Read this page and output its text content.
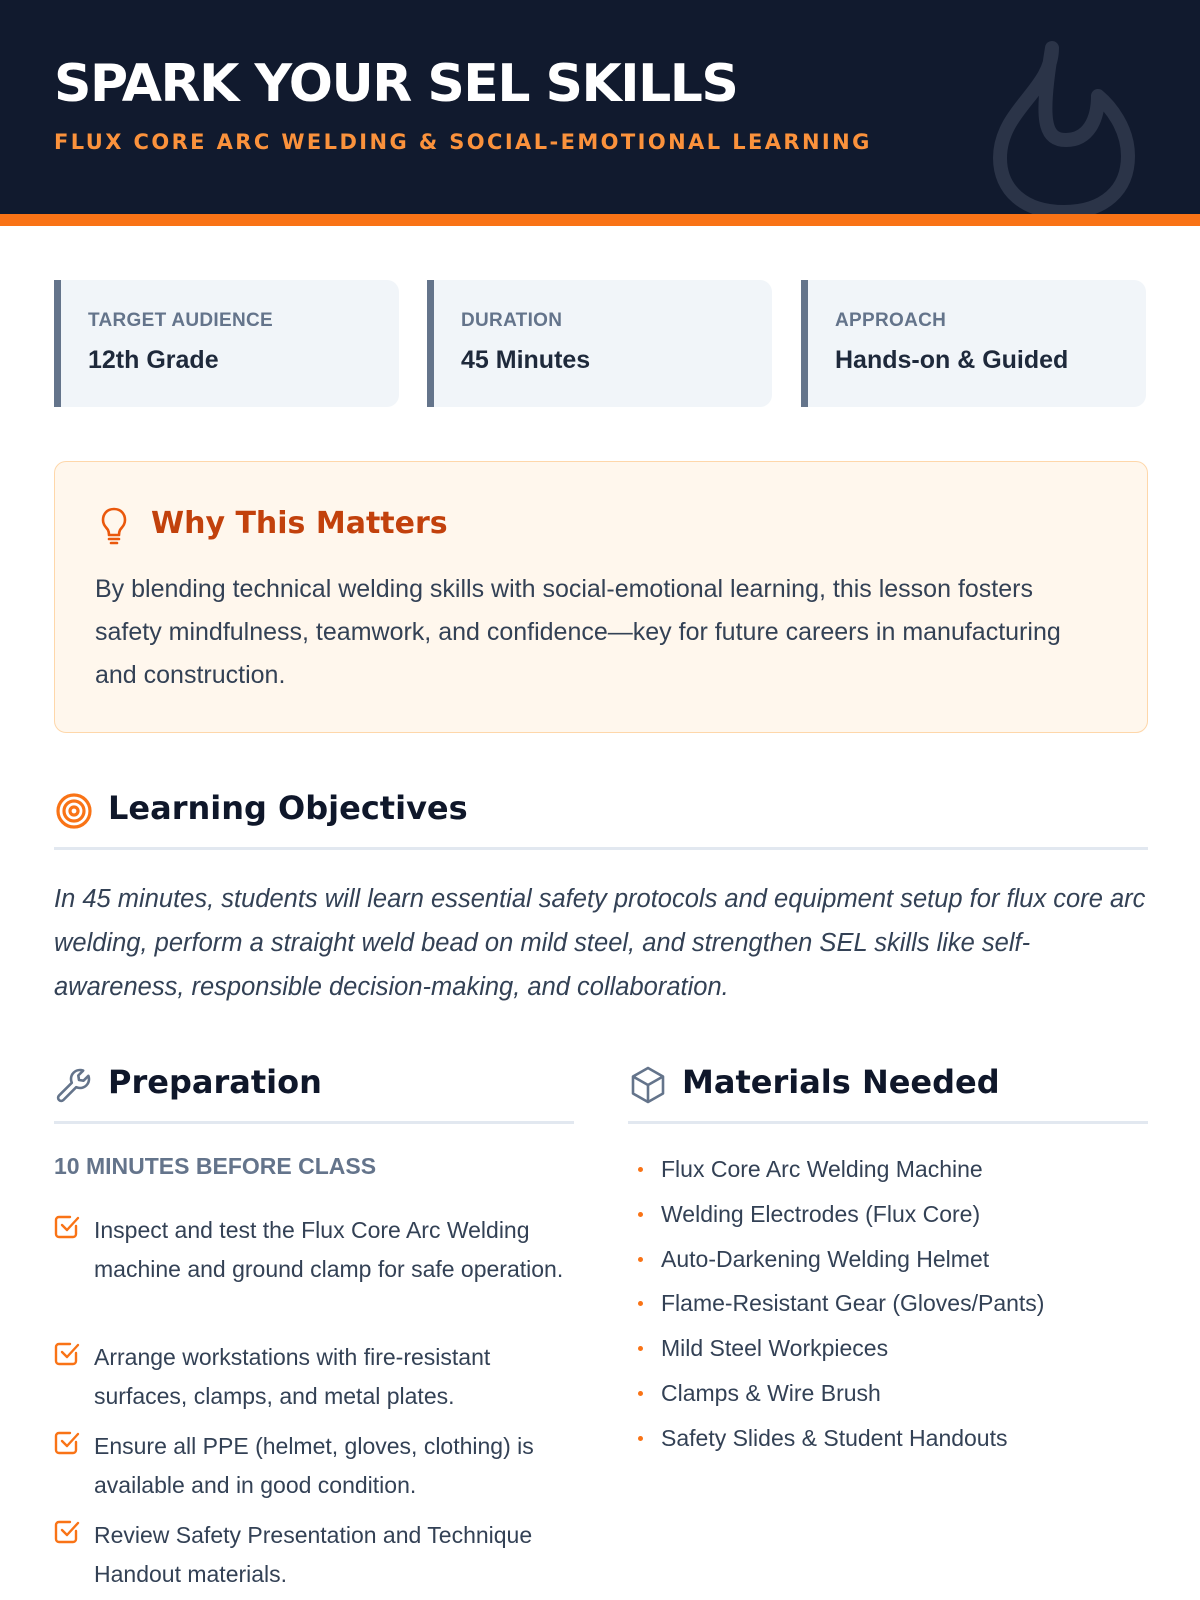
SPARK YOUR SEL SKILLS
FLUX CORE ARC WELDING & SOCIAL-EMOTIONAL LEARNING
TARGET AUDIENCE
12th Grade
DURATION
45 Minutes
APPROACH
Hands-on & Guided
Why This Matters
By blending technical welding skills with social-emotional learning, this lesson fosters safety mindfulness, teamwork, and confidence—key for future careers in manufacturing and construction.
Learning Objectives
In 45 minutes, students will learn essential safety protocols and equipment setup for flux core arc welding, perform a straight weld bead on mild steel, and strengthen SEL skills like self-awareness, responsible decision-making, and collaboration.
Preparation
10 MINUTES BEFORE CLASS
Inspect and test the Flux Core Arc Welding machine and ground clamp for safe operation.
Arrange workstations with fire-resistant surfaces, clamps, and metal plates.
Ensure all PPE (helmet, gloves, clothing) is available and in good condition.
Review Safety Presentation and Technique Handout materials.
Materials Needed
Flux Core Arc Welding Machine
Welding Electrodes (Flux Core)
Auto-Darkening Welding Helmet
Flame-Resistant Gear (Gloves/Pants)
Mild Steel Workpieces
Clamps & Wire Brush
Safety Slides & Student Handouts
